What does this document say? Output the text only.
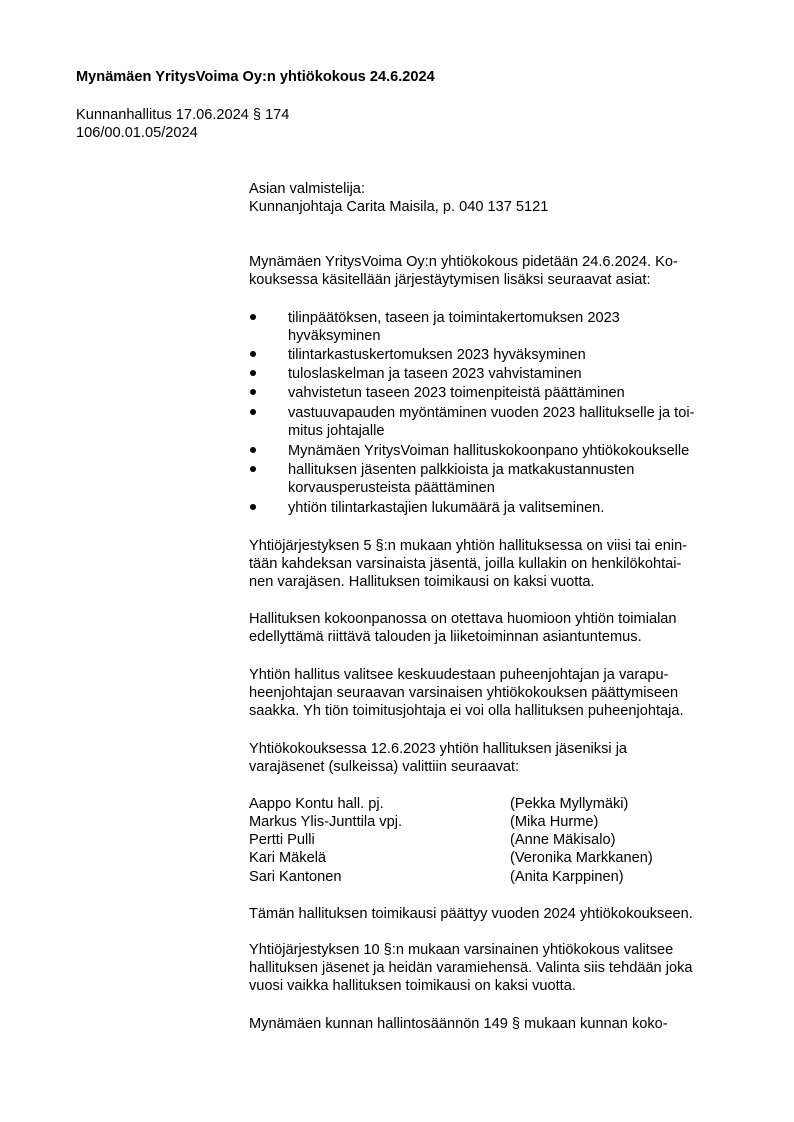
Mynämäen YritysVoima Oy:n yhtiökokous 24.6.2024
Kunnanhallitus 17.06.2024 § 174
106/00.01.05/2024
Asian valmistelija:
Kunnanjohtaja Carita Maisila, p. 040 137 5121
Mynämäen YritysVoima Oy:n yhtiökokous pidetään 24.6.2024. Ko-
kouksessa käsitellään järjestäytymisen lisäksi seuraavat asiat:
tilinpäätöksen, taseen ja toimintakertomuksen 2023
hyväksyminen
tilintarkastuskertomuksen 2023 hyväksyminen
tuloslaskelman ja taseen 2023 vahvistaminen
vahvistetun taseen 2023 toimenpiteistä päättäminen
vastuuvapauden myöntäminen vuoden 2023 hallitukselle ja toi-
mitus johtajalle
Mynämäen YritysVoiman hallituskokoonpano yhtiökokoukselle
hallituksen jäsenten palkkioista ja matkakustannusten
korvausperusteista päättäminen
yhtiön tilintarkastajien lukumäärä ja valitseminen.
Yhtiöjärjestyksen 5 §:n mukaan yhtiön hallituksessa on viisi tai enin-
tään kahdeksan varsinaista jäsentä, joilla kullakin on henkilökohtai-
nen varajäsen. Hallituksen toimikausi on kaksi vuotta.
Hallituksen kokoonpanossa on otettava huomioon yhtiön toimialan
edellyttämä riittävä talouden ja liiketoiminnan asiantuntemus.
Yhtiön hallitus valitsee keskuudestaan puheenjohtajan ja varapu-
heenjohtajan seuraavan varsinaisen yhtiökokouksen päättymiseen
saakka. Yh tiön toimitusjohtaja ei voi olla hallituksen puheenjohtaja.
Yhtiökokouksessa 12.6.2023 yhtiön hallituksen jäseniksi ja
varajäsenet (sulkeissa) valittiin seuraavat:
Aappo Kontu hall. pj.	(Pekka Myllymäki)
Markus Ylis-Junttila vpj.	(Mika Hurme)
Pertti Pulli	(Anne Mäkisalo)
Kari Mäkelä	(Veronika Markkanen)
Sari Kantonen	(Anita Karppinen)
Tämän hallituksen toimikausi päättyy vuoden 2024 yhtiökokoukseen.
Yhtiöjärjestyksen 10 §:n mukaan varsinainen yhtiökokous valitsee
hallituksen jäsenet ja heidän varamiehensä. Valinta siis tehdään joka
vuosi vaikka hallituksen toimikausi on kaksi vuotta.
Mynämäen kunnan hallintosäännön 149 § mukaan kunnan koko-
